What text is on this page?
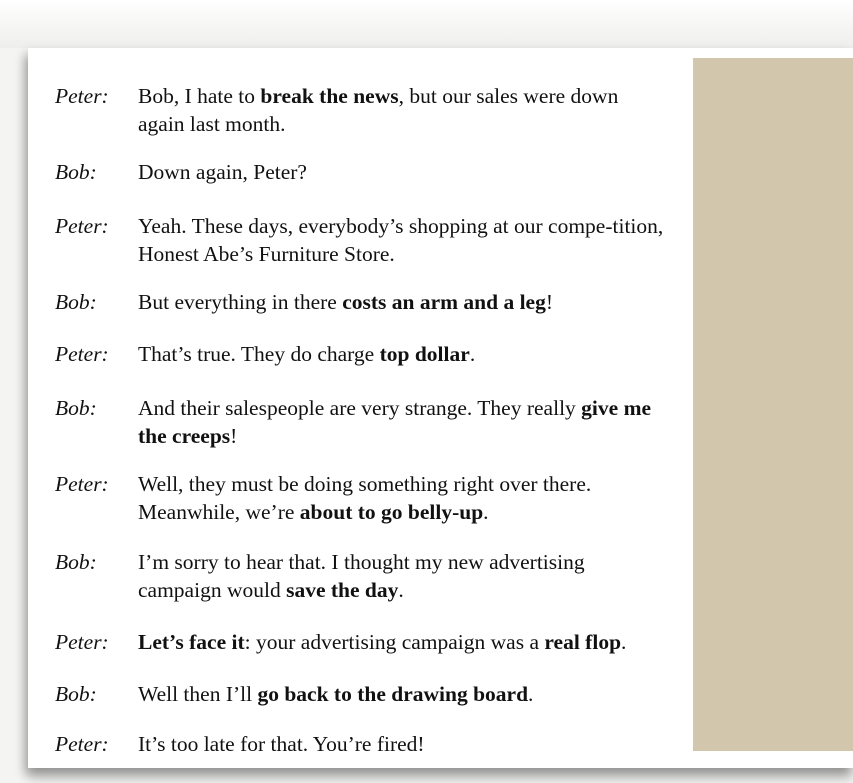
Peter:	Bob, I hate to break the news, but our sales were down again last month.
Bob:	Down again, Peter?
Peter:	Yeah. These days, everybody’s shopping at our compe-tition, Honest Abe’s Furniture Store.
Bob:	But everything in there costs an arm and a leg!
Peter:	That’s true. They do charge top dollar.
Bob:	And their salespeople are very strange. They really give me the creeps!
Peter:	Well, they must be doing something right over there. Meanwhile, we’re about to go belly-up.
Bob:	I’m sorry to hear that. I thought my new advertising campaign would save the day.
Peter:	Let’s face it: your advertising campaign was a real flop.
Bob:	Well then I’ll go back to the drawing board.
Peter:	It’s too late for that. You’re fired!
